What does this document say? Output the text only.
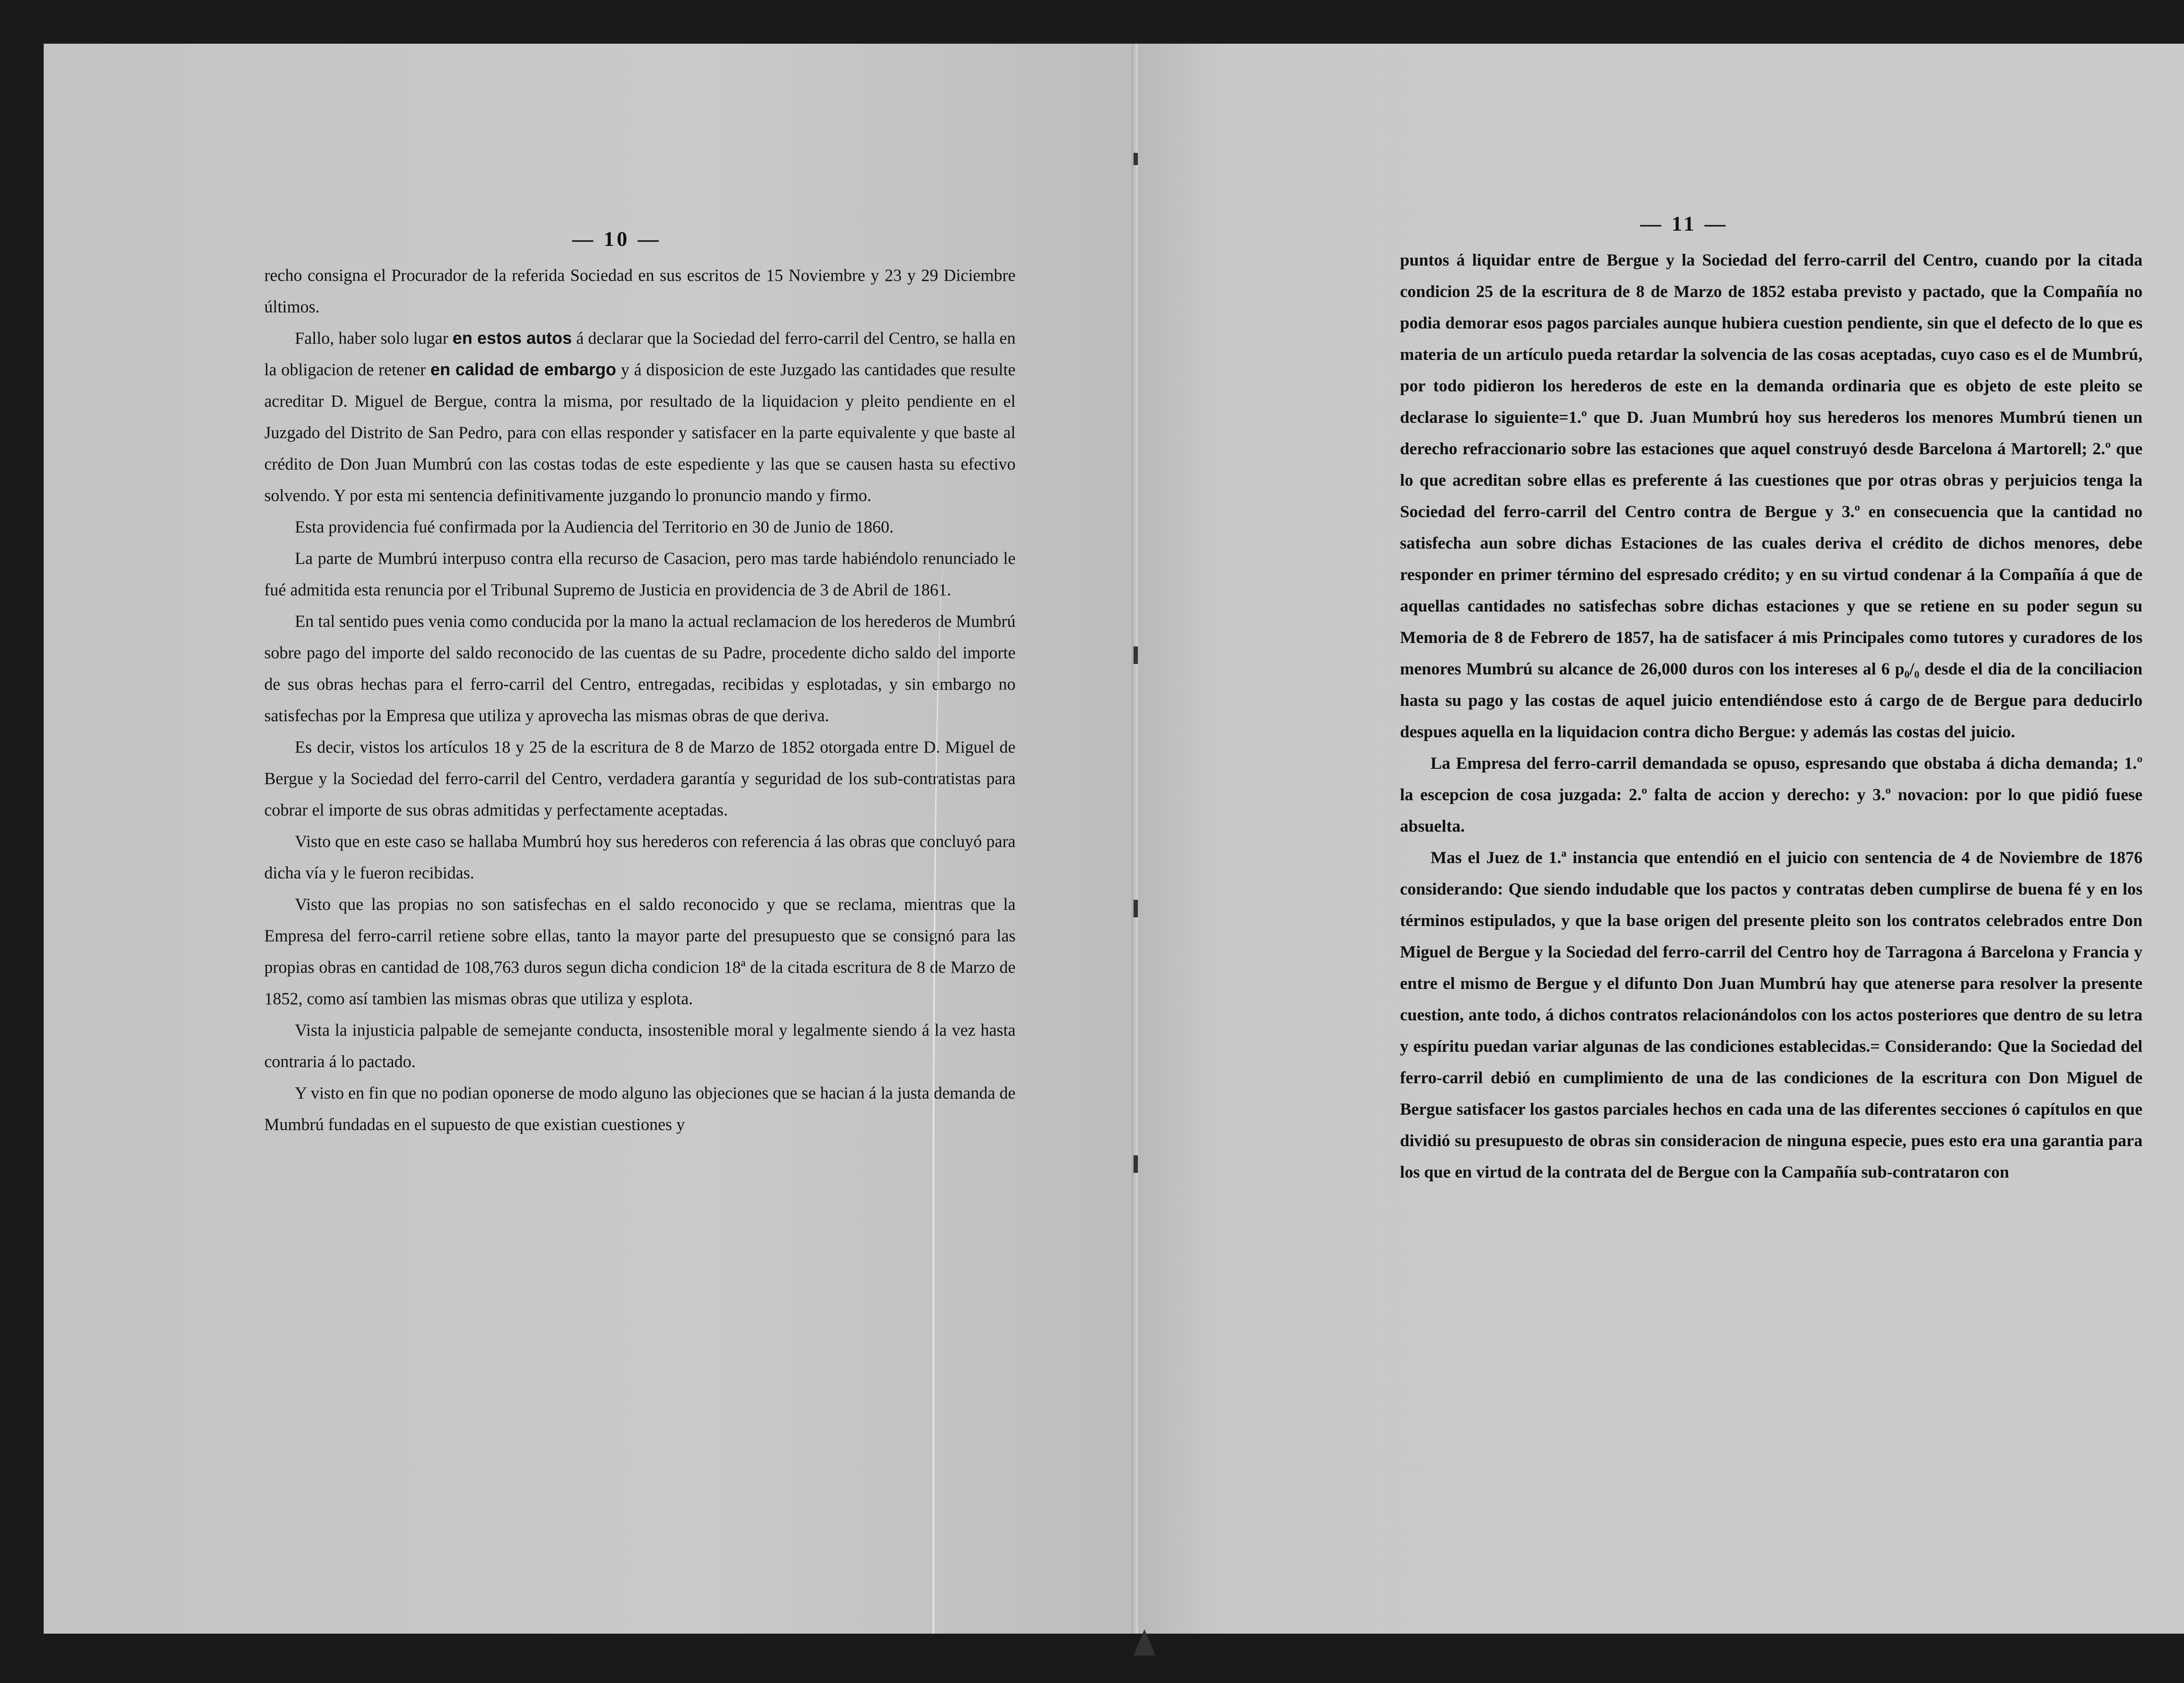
— 10 —

recho consigna el Procurador de la referida Sociedad en sus escritos de 15 Noviembre y 23 y 29 Diciembre últimos.

Fallo, haber solo lugar en estos autos á declarar que la Sociedad del ferro-carril del Centro, se halla en la obligacion de retener en calidad de embargo y á disposicion de este Juzgado las cantidades que resulte acreditar D. Miguel de Bergue, contra la misma, por resultado de la liquidacion y pleito pendiente en el Juzgado del Distrito de San Pedro, para con ellas responder y satisfacer en la parte equivalente y que baste al crédito de Don Juan Mumbrú con las costas todas de este espediente y las que se causen hasta su efectivo solvendo. Y por esta mi sentencia definitivamente juzgando lo pronuncio mando y firmo.

Esta providencia fué confirmada por la Audiencia del Territorio en 30 de Junio de 1860.

La parte de Mumbrú interpuso contra ella recurso de Casacion, pero mas tarde habiéndolo renunciado le fué admitida esta renuncia por el Tribunal Supremo de Justicia en providencia de 3 de Abril de 1861.

En tal sentido pues venia como conducida por la mano la actual reclamacion de los herederos de Mumbrú sobre pago del importe del saldo reconocido de las cuentas de su Padre, procedente dicho saldo del importe de sus obras hechas para el ferro-carril del Centro, entregadas, recibidas y esplotadas, y sin embargo no satisfechas por la Empresa que utiliza y aprovecha las mismas obras de que deriva.

Es decir, vistos los artículos 18 y 25 de la escritura de 8 de Marzo de 1852 otorgada entre D. Miguel de Bergue y la Sociedad del ferro-carril del Centro, verdadera garantía y seguridad de los sub-contratistas para cobrar el importe de sus obras admitidas y perfectamente aceptadas.

Visto que en este caso se hallaba Mumbrú hoy sus herederos con referencia á las obras que concluyó para dicha vía y le fueron recibidas.

Visto que las propias no son satisfechas en el saldo reconocido y que se reclama, mientras que la Empresa del ferro-carril retiene sobre ellas, tanto la mayor parte del presupuesto que se consignó para las propias obras en cantidad de 108,763 duros segun dicha condicion 18ª de la citada escritura de 8 de Marzo de 1852, como así tambien las mismas obras que utiliza y esplota.

Vista la injusticia palpable de semejante conducta, insostenible moral y legalmente siendo á la vez hasta contraria á lo pactado.

Y visto en fin que no podian oponerse de modo alguno las objeciones que se hacian á la justa demanda de Mumbrú fundadas en el supuesto de que existian cuestiones y

— 11 —

puntos á liquidar entre de Bergue y la Sociedad del ferro-carril del Centro, cuando por la citada condicion 25 de la escritura de 8 de Marzo de 1852 estaba previsto y pactado, que la Compañía no podia demorar esos pagos parciales aunque hubiera cuestion pendiente, sin que el defecto de lo que es materia de un artículo pueda retardar la solvencia de las cosas aceptadas, cuyo caso es el de Mumbrú, por todo pidieron los herederos de este en la demanda ordinaria que es objeto de este pleito se declarase lo siguiente=1.º que D. Juan Mumbrú hoy sus herederos los menores Mumbrú tienen un derecho refraccionario sobre las estaciones que aquel construyó desde Barcelona á Martorell; 2.º que lo que acreditan sobre ellas es preferente á las cuestiones que por otras obras y perjuicios tenga la Sociedad del ferro-carril del Centro contra de Bergue y 3.º en consecuencia que la cantidad no satisfecha aun sobre dichas Estaciones de las cuales deriva el crédito de dichos menores, debe responder en primer término del espresado crédito; y en su virtud condenar á la Compañía á que de aquellas cantidades no satisfechas sobre dichas estaciones y que se retiene en su poder segun su Memoria de 8 de Febrero de 1857, ha de satisfacer á mis Principales como tutores y curadores de los menores Mumbrú su alcance de 26,000 duros con los intereses al 6 p₀/₀ desde el dia de la conciliacion hasta su pago y las costas de aquel juicio entendiéndose esto á cargo de de Bergue para deducirlo despues aquella en la liquidacion contra dicho Bergue: y además las costas del juicio.

La Empresa del ferro-carril demandada se opuso, espresando que obstaba á dicha demanda; 1.º la escepcion de cosa juzgada: 2.º falta de accion y derecho: y 3.º novacion: por lo que pidió fuese absuelta.

Mas el Juez de 1.ª instancia que entendió en el juicio con sentencia de 4 de Noviembre de 1876 considerando: Que siendo indudable que los pactos y contratas deben cumplirse de buena fé y en los términos estipulados, y que la base origen del presente pleito son los contratos celebrados entre Don Miguel de Bergue y la Sociedad del ferro-carril del Centro hoy de Tarragona á Barcelona y Francia y entre el mismo de Bergue y el difunto Don Juan Mumbrú hay que atenerse para resolver la presente cuestion, ante todo, á dichos contratos relacionándolos con los actos posteriores que dentro de su letra y espíritu puedan variar algunas de las condiciones establecidas.= Considerando: Que la Sociedad del ferro-carril debió en cumplimiento de una de las condiciones de la escritura con Don Miguel de Bergue satisfacer los gastos parciales hechos en cada una de las diferentes secciones ó capítulos en que dividió su presupuesto de obras sin consideracion de ninguna especie, pues esto era una garantia para los que en virtud de la contrata del de Bergue con la Campañía sub-contrataron con
